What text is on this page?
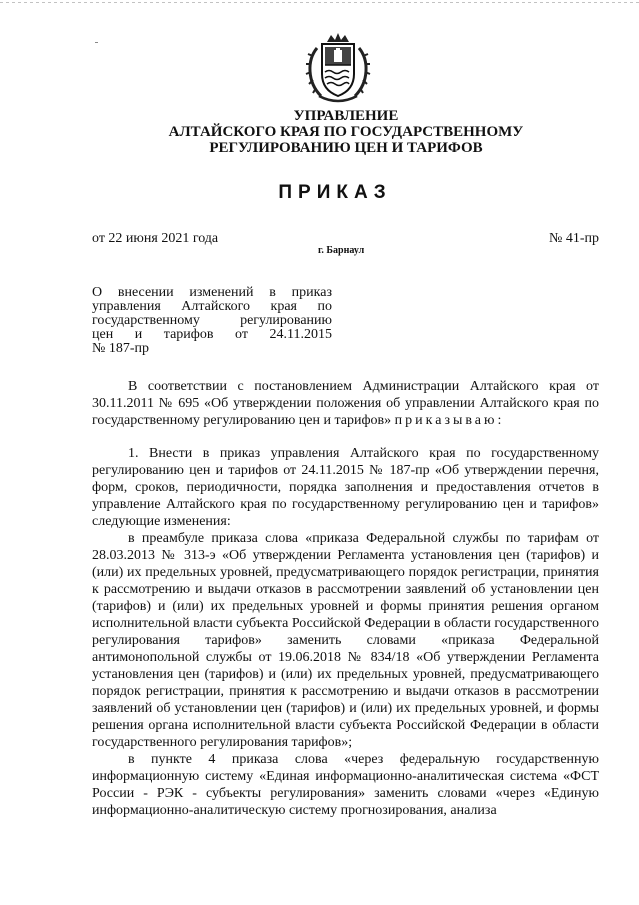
УПРАВЛЕНИЕ
АЛТАЙСКОГО КРАЯ ПО ГОСУДАРСТВЕННОМУ
РЕГУЛИРОВАНИЮ ЦЕН И ТАРИФОВ
ПРИКАЗ
от 22 июня 2021 года	№ 41-пр
г. Барнаул
О внесении изменений в приказ
управления Алтайского края по
государственному регулированию
цен и тарифов от 24.11.2015
№ 187-пр

В соответствии с постановлением Администрации Алтайского края от 30.11.2011 № 695 «Об утверждении положения об управлении Алтайского края по государственному регулированию цен и тарифов» приказываю:

1. Внести в приказ управления Алтайского края по государственному регулированию цен и тарифов от 24.11.2015 № 187-пр «Об утверждении перечня, форм, сроков, периодичности, порядка заполнения и предоставления отчетов в управление Алтайского края по государственному регулированию цен и тарифов» следующие изменения:

в преамбуле приказа слова «приказа Федеральной службы по тарифам от 28.03.2013 № 313-э «Об утверждении Регламента установления цен (тарифов) и (или) их предельных уровней, предусматривающего порядок регистрации, принятия к рассмотрению и выдачи отказов в рассмотрении заявлений об установлении цен (тарифов) и (или) их предельных уровней и формы принятия решения органом исполнительной власти субъекта Российской Федерации в области государственного регулирования тарифов» заменить словами «приказа Федеральной антимонопольной службы от 19.06.2018 № 834/18 «Об утверждении Регламента установления цен (тарифов) и (или) их предельных уровней, предусматривающего порядок регистрации, принятия к рассмотрению и выдачи отказов в рассмотрении заявлений об установлении цен (тарифов) и (или) их предельных уровней, и формы решения органа исполнительной власти субъекта Российской Федерации в области государственного регулирования тарифов»;

в пункте 4 приказа слова «через федеральную государственную информационную систему «Единая информационно-аналитическая система «ФСТ России - РЭК - субъекты регулирования» заменить словами «через «Единую информационно-аналитическую систему прогнозирования, анализа
